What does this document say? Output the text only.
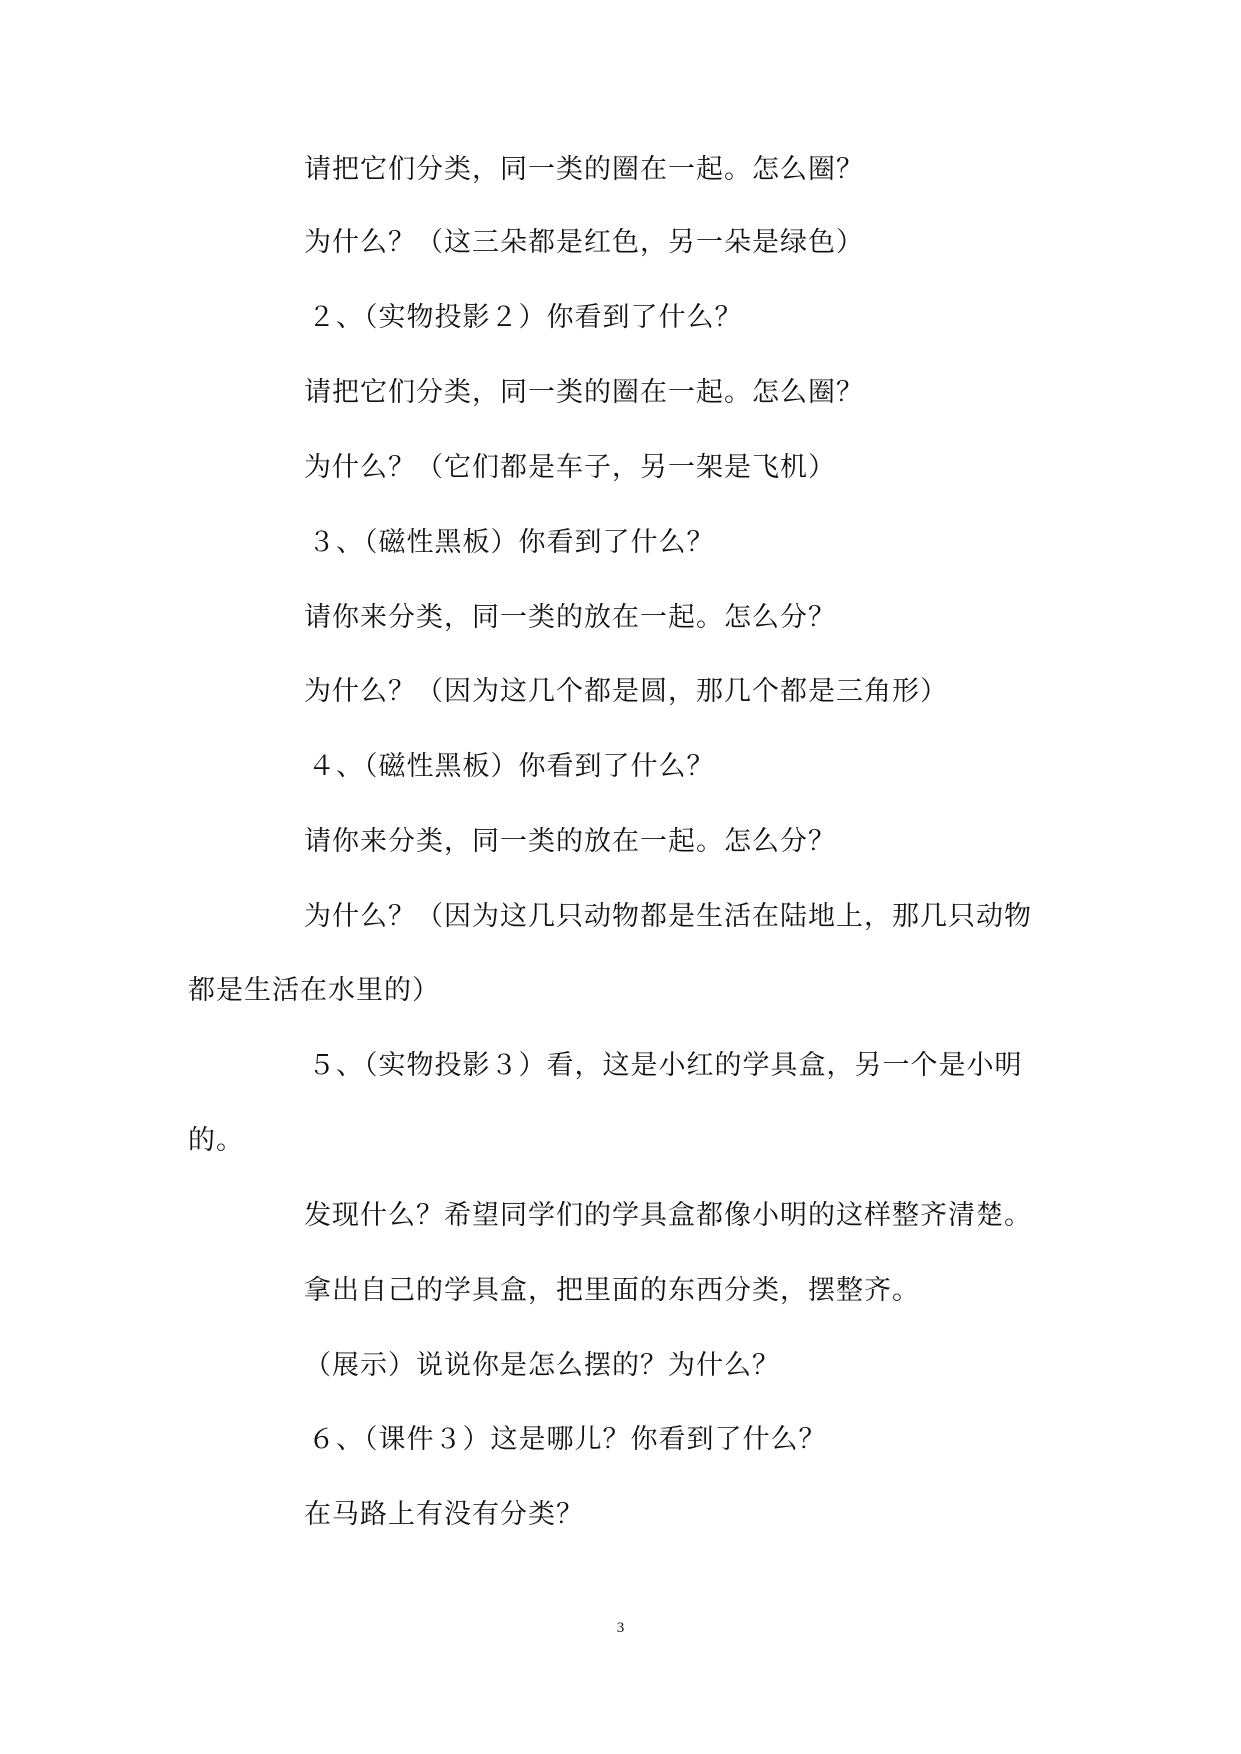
请把它们分类，同一类的圈在一起。怎么圈？
为什么？（这三朵都是红色，另一朵是绿色）
２、（实物投影２）你看到了什么？
请把它们分类，同一类的圈在一起。怎么圈？
为什么？（它们都是车子，另一架是飞机）
３、（磁性黑板）你看到了什么？
请你来分类，同一类的放在一起。怎么分？
为什么？（因为这几个都是圆，那几个都是三角形）
４、（磁性黑板）你看到了什么？
请你来分类，同一类的放在一起。怎么分？
为什么？（因为这几只动物都是生活在陆地上，那几只动物
都是生活在水里的）
５、（实物投影３）看，这是小红的学具盒，另一个是小明
的。
发现什么？希望同学们的学具盒都像小明的这样整齐清楚。
拿出自己的学具盒，把里面的东西分类，摆整齐。
（展示）说说你是怎么摆的？为什么？
６、（课件３）这是哪儿？你看到了什么？
在马路上有没有分类？
3
